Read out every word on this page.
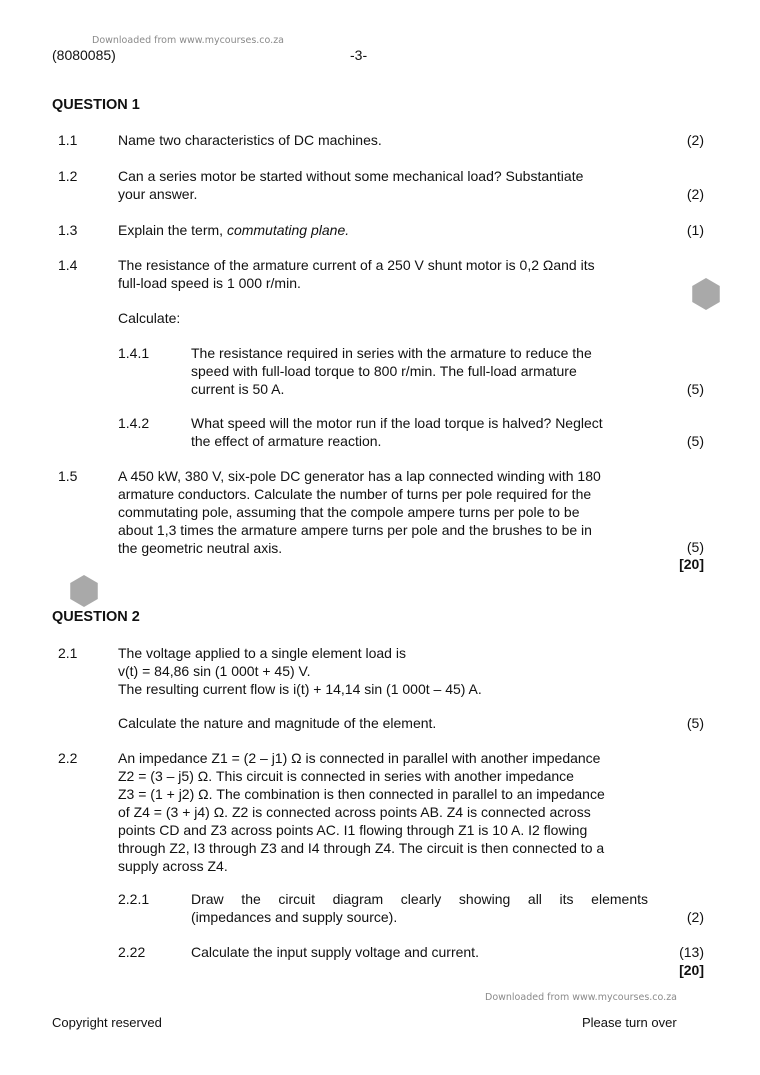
Downloaded from www.mycourses.co.za
(8080085)	-3-
QUESTION 1
1.1	Name two characteristics of DC machines.	(2)
1.2	Can a series motor be started without some mechanical load? Substantiate
your answer.	(2)
1.3	Explain the term, commutating plane.	(1)
1.4	The resistance of the armature current of a 250 V shunt motor is 0,2 Ωand its
full-load speed is 1 000 r/min.
Calculate:
1.4.1	The resistance required in series with the armature to reduce the
speed with full-load torque to 800 r/min. The full-load armature
current is 50 A.	(5)
1.4.2	What speed will the motor run if the load torque is halved? Neglect
the effect of armature reaction.	(5)
1.5	A 450 kW, 380 V, six-pole DC generator has a lap connected winding with 180
armature conductors. Calculate the number of turns per pole required for the
commutating pole, assuming that the compole ampere turns per pole to be
about 1,3 times the armature ampere turns per pole and the brushes to be in
the geometric neutral axis.	(5)
[20]
QUESTION 2
2.1	The voltage applied to a single element load is
v(t) = 84,86 sin (1 000t + 45) V.
The resulting current flow is i(t) + 14,14 sin (1 000t – 45) A.
Calculate the nature and magnitude of the element.	(5)
2.2	An impedance Z1 = (2 – j1) Ω is connected in parallel with another impedance
Z2 = (3 – j5) Ω. This circuit is connected in series with another impedance
Z3 = (1 + j2) Ω. The combination is then connected in parallel to an impedance
of Z4 = (3 + j4) Ω. Z2 is connected across points AB. Z4 is connected across
points CD and Z3 across points AC. I1 flowing through Z1 is 10 A. I2 flowing
through Z2, I3 through Z3 and I4 through Z4. The circuit is then connected to a
supply across Z4.
2.2.1	Draw the circuit diagram clearly showing all its elements
(impedances and supply source).	(2)
2.22	Calculate the input supply voltage and current.	(13)
[20]
Downloaded from www.mycourses.co.za
Copyright reserved	Please turn over
